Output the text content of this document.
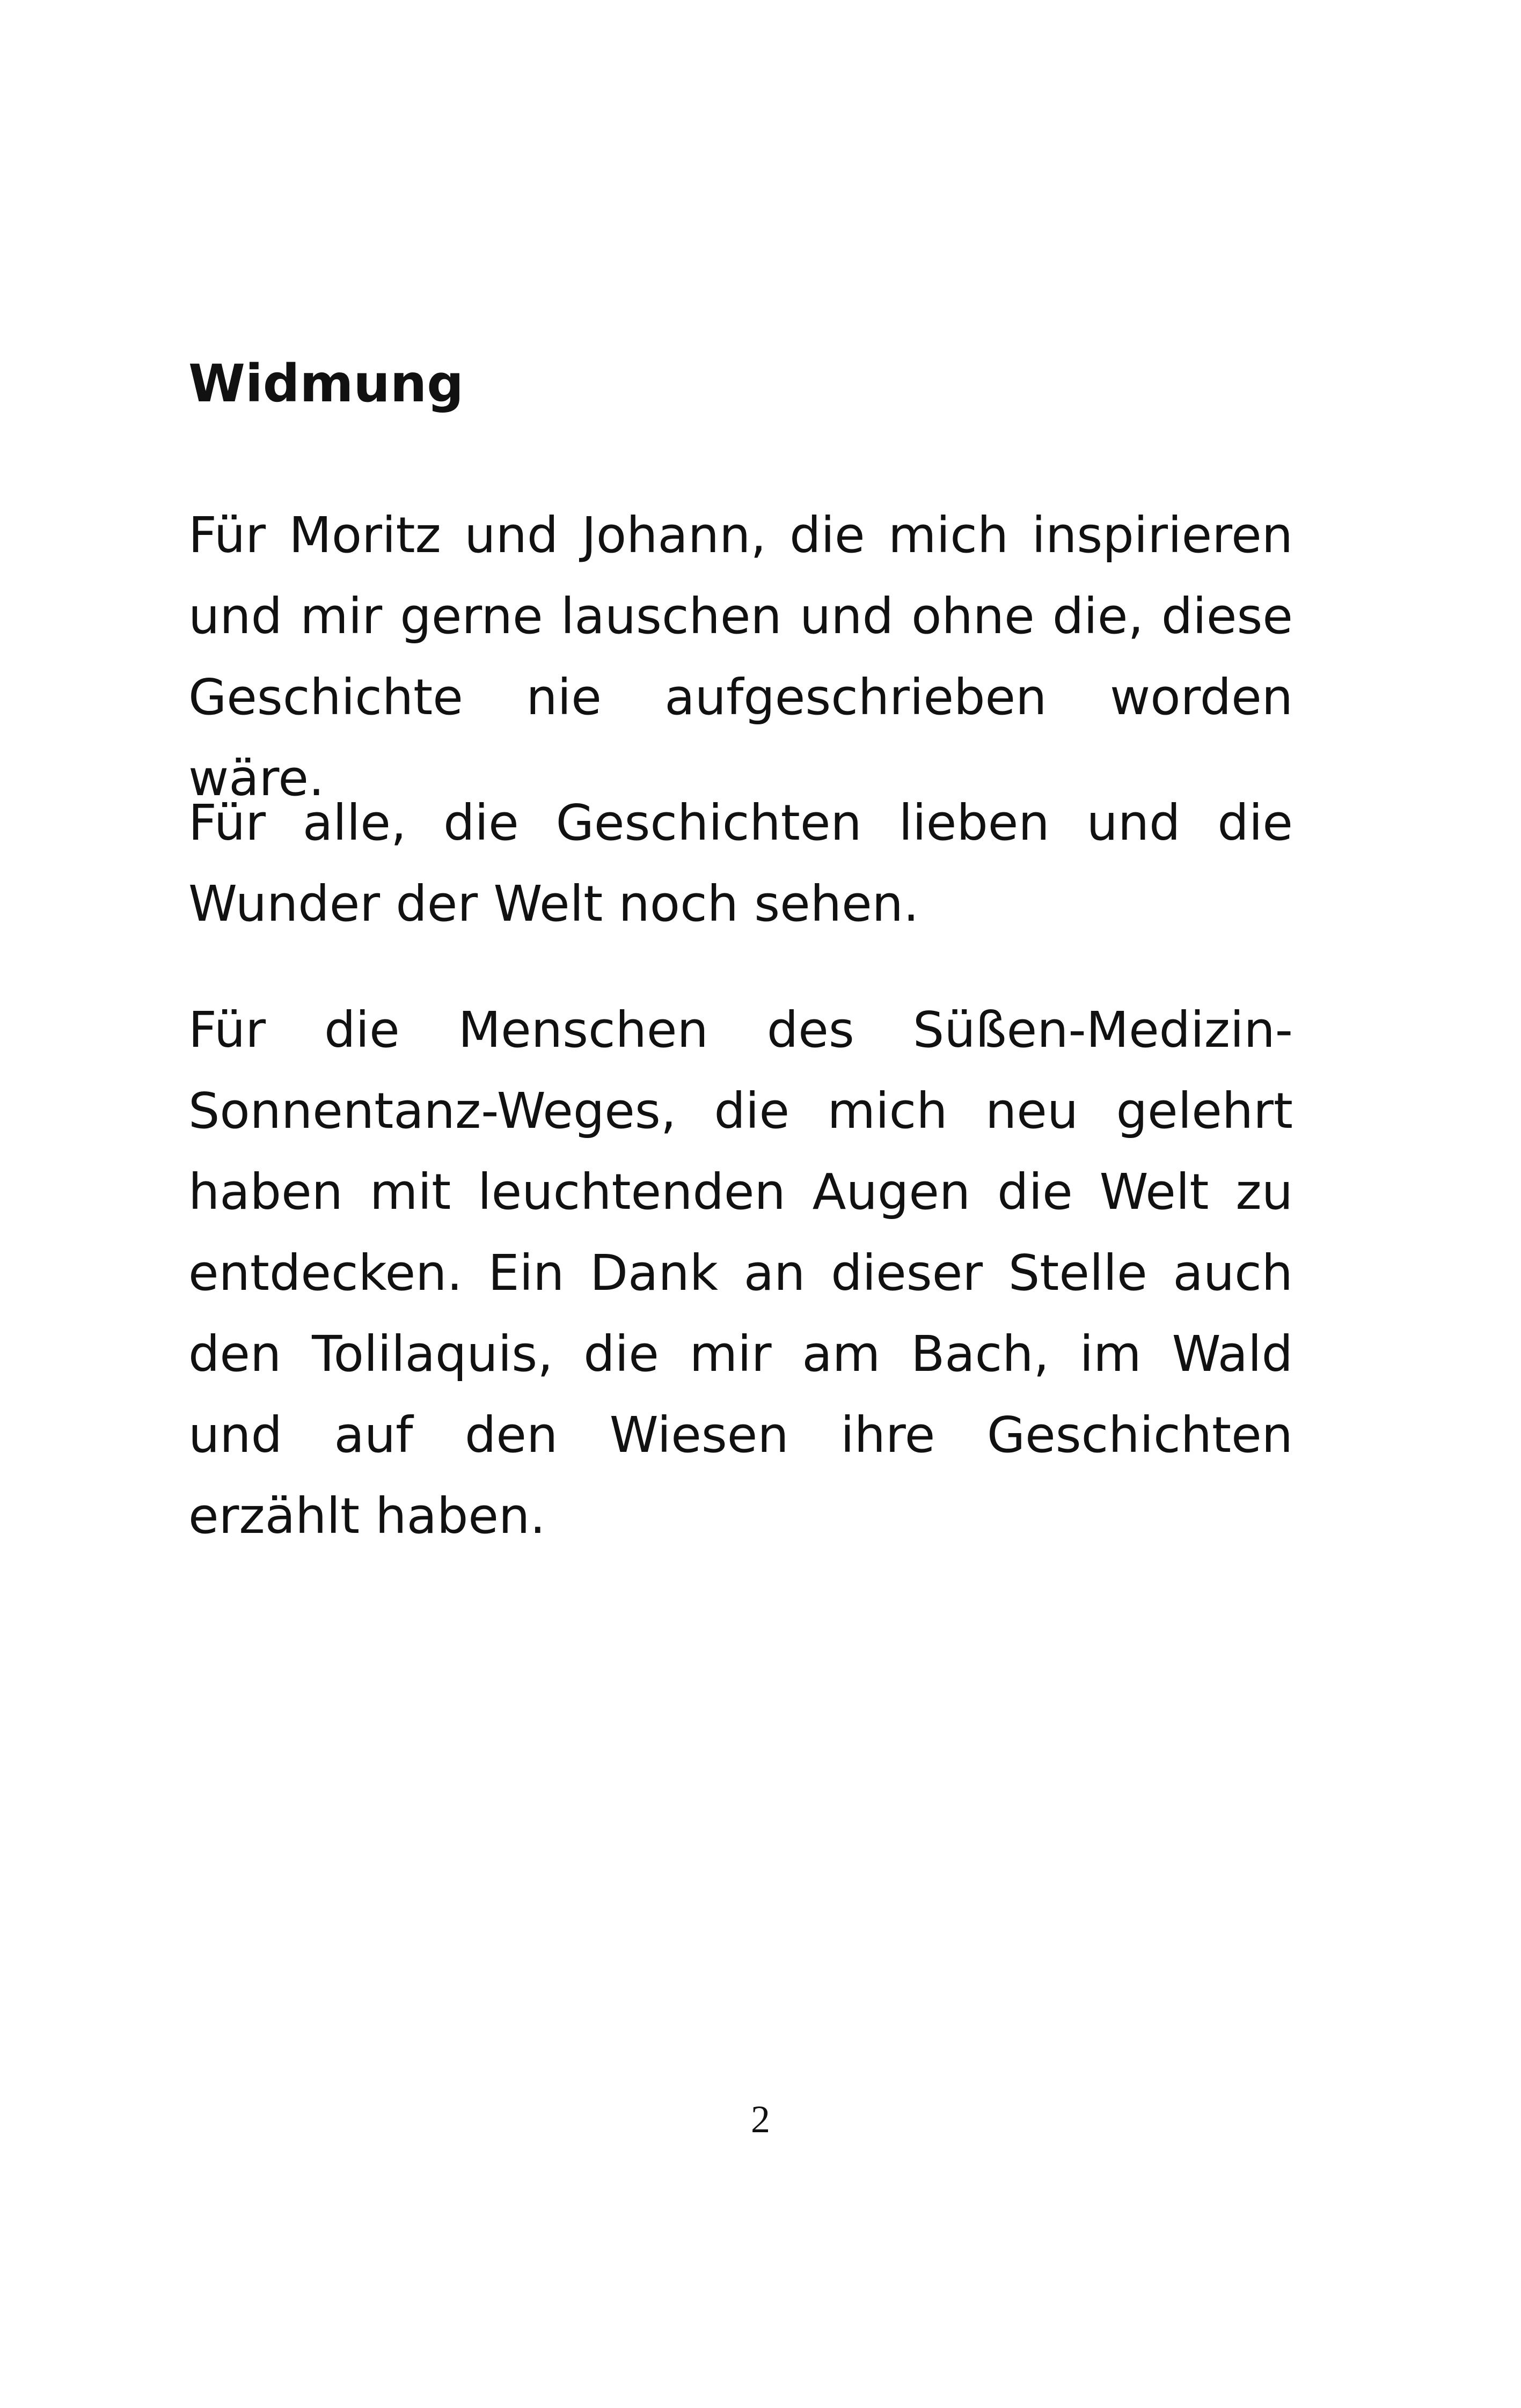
Widmung

Für Moritz und Johann, die mich inspirieren und mir gerne lauschen und ohne die, diese Geschichte nie aufgeschrieben worden wäre.

Für alle, die Geschichten lieben und die Wunder der Welt noch sehen.

Für die Menschen des Süßen-Medizin-Sonnentanz-Weges, die mich neu gelehrt haben mit leuchtenden Augen die Welt zu entdecken. Ein Dank an dieser Stelle auch den Tolilaquis, die mir am Bach, im Wald und auf den Wiesen ihre Geschichten erzählt haben.

2
